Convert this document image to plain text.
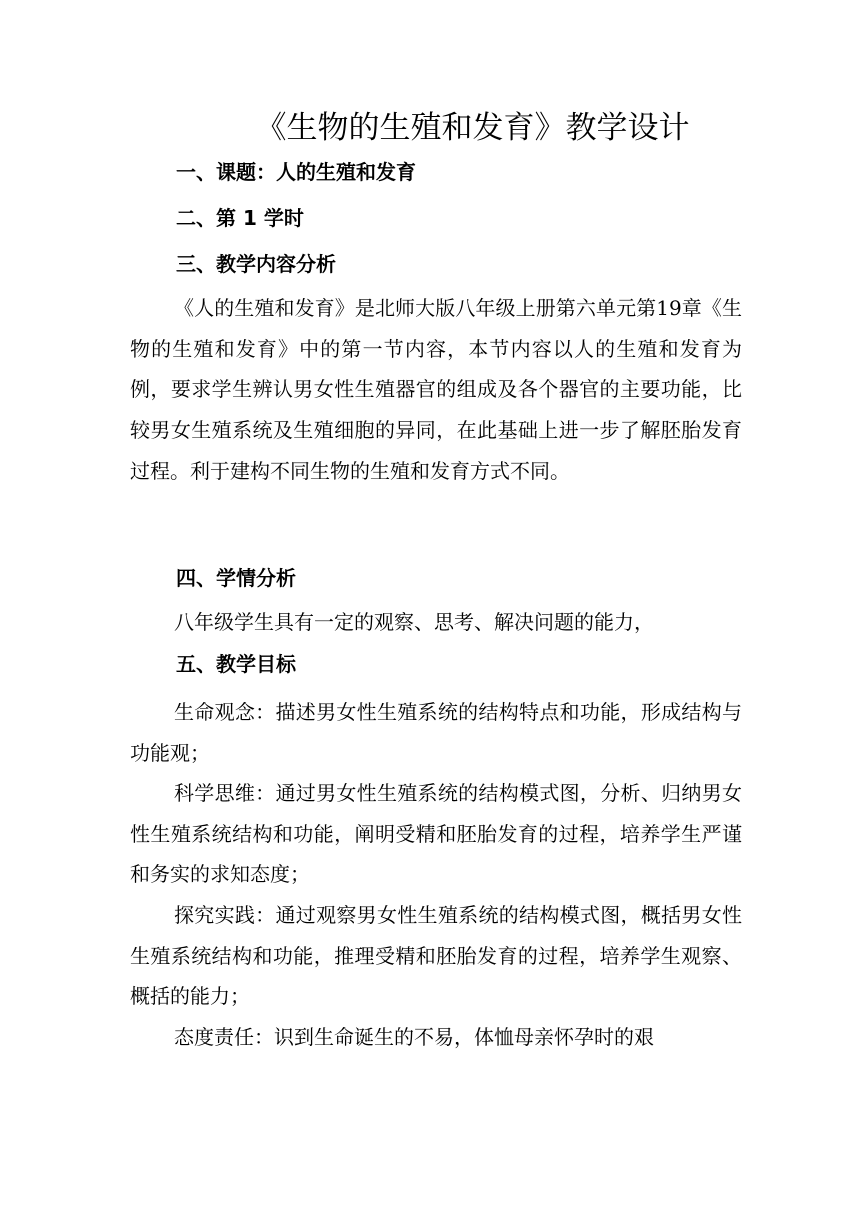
《生物的生殖和发育》教学设计
一、课题：人的生殖和发育
二、第 1 学时
三、教学内容分析
《人的生殖和发育》是北师大版八年级上册第六单元第19章《生物的生殖和发育》中的第一节内容，本节内容以人的生殖和发育为例，要求学生辨认男女性生殖器官的组成及各个器官的主要功能，比较男女生殖系统及生殖细胞的异同，在此基础上进一步了解胚胎发育过程。利于建构不同生物的生殖和发育方式不同。
四、学情分析
八年级学生具有一定的观察、思考、解决问题的能力，
五、教学目标
生命观念：描述男女性生殖系统的结构特点和功能，形成结构与功能观；
科学思维：通过男女性生殖系统的结构模式图，分析、归纳男女性生殖系统结构和功能，阐明受精和胚胎发育的过程，培养学生严谨和务实的求知态度；
探究实践：通过观察男女性生殖系统的结构模式图，概括男女性生殖系统结构和功能，推理受精和胚胎发育的过程，培养学生观察、概括的能力；
态度责任：识到生命诞生的不易，体恤母亲怀孕时的艰
